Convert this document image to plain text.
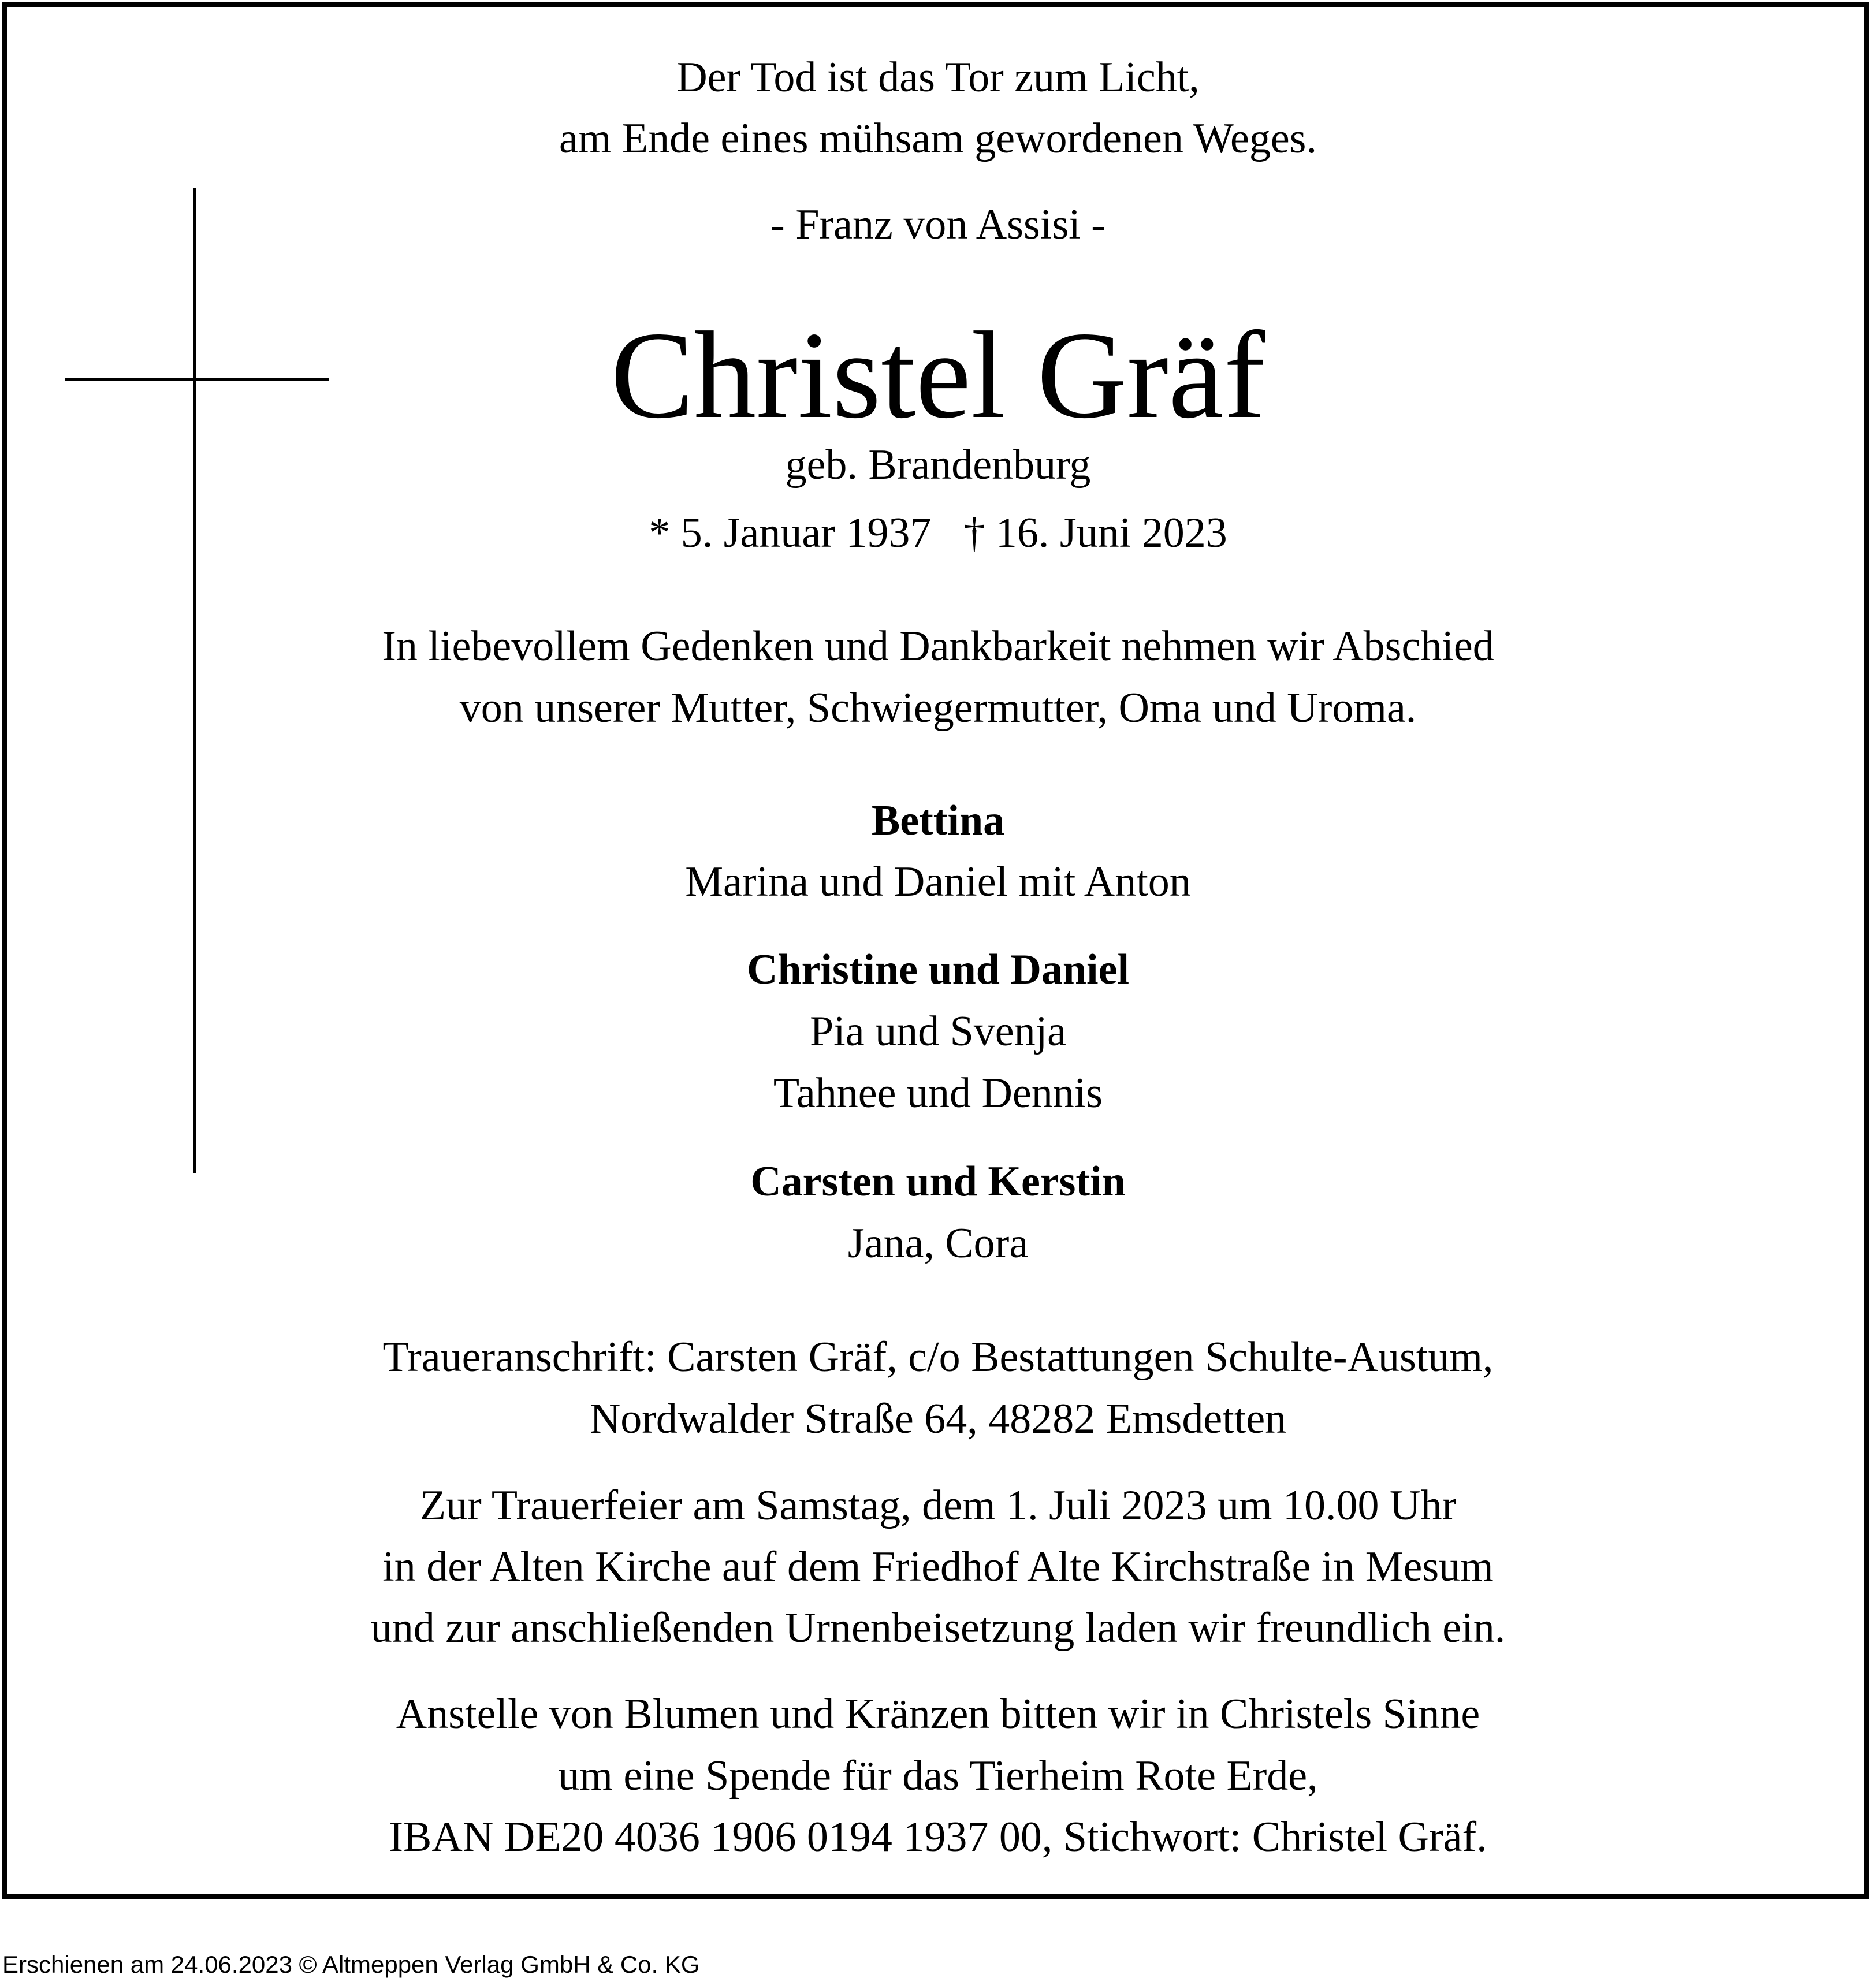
Der Tod ist das Tor zum Licht,
am Ende eines mühsam gewordenen Weges.
- Franz von Assisi -
Christel Gräf
geb. Brandenburg
* 5. Januar 1937 † 16. Juni 2023
In liebevollem Gedenken und Dankbarkeit nehmen wir Abschied
von unserer Mutter, Schwiegermutter, Oma und Uroma.
Bettina
Marina und Daniel mit Anton
Christine und Daniel
Pia und Svenja
Tahnee und Dennis
Carsten und Kerstin
Jana, Cora
Traueranschrift: Carsten Gräf, c/o Bestattungen Schulte-Austum,
Nordwalder Straße 64, 48282 Emsdetten
Zur Trauerfeier am Samstag, dem 1. Juli 2023 um 10.00 Uhr
in der Alten Kirche auf dem Friedhof Alte Kirchstraße in Mesum
und zur anschließenden Urnenbeisetzung laden wir freundlich ein.
Anstelle von Blumen und Kränzen bitten wir in Christels Sinne
um eine Spende für das Tierheim Rote Erde,
IBAN DE20 4036 1906 0194 1937 00, Stichwort: Christel Gräf.
Erschienen am 24.06.2023 © Altmeppen Verlag GmbH & Co. KG
